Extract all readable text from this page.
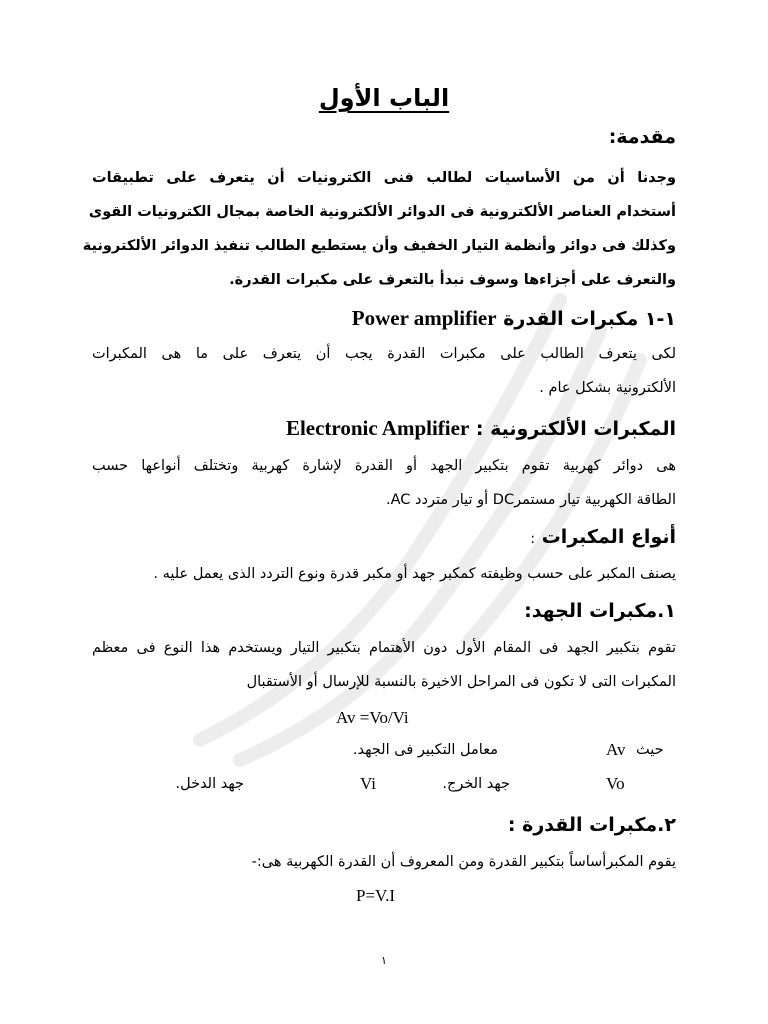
الباب الأول
مقدمة:
وجدنا أن من الأساسيات لطالب فنى الكترونيات أن يتعرف على تطبيقات
أستخدام العناصر الألكترونية فى الدوائر الألكترونية الخاصة بمجال الكترونيات القوى
وكذلك فى دوائر وأنظمة التيار الخفيف وأن يستطيع الطالب تنفيذ الدوائر الألكترونية
والتعرف على أجزاءها وسوف نبدأ بالتعرف على مكبرات القدرة.
١-١ مكبرات القدرة Power amplifier
لكى يتعرف الطالب على مكبرات القدرة يجب أن يتعرف على ما هى المكبرات
الألكترونية بشكل عام .
المكبرات الألكترونية : Electronic Amplifier
هى دوائر كهربية تقوم بتكبير الجهد أو القدرة لإشارة كهربية وتختلف أنواعها حسب
الطاقة الكهربية تيار مستمرDC أو تيار متردد AC.
أنواع المكبرات :
يصنف المكبر على حسب وظيفته كمكبر جهد أو مكبر قدرة ونوع التردد الذى يعمل عليه .
١.مكبرات الجهد:
تقوم بتكبير الجهد فى المقام الأول دون الأهتمام بتكبير التيار ويستخدم هذا النوع فى معظم
المكبرات التى لا تكون فى المراحل الاخيرة بالنسبة للإرسال أو الأستقبال
Av =Vo/Vi
حيث
Av
معامل التكبير فى الجهد.
Vo
جهد الخرج.
Vi
جهد الدخل.
٢.مكبرات القدرة :
يقوم المكبرأساساً بتكبير القدرة ومن المعروف أن القدرة الكهربية هى:-
P=V.I
١
